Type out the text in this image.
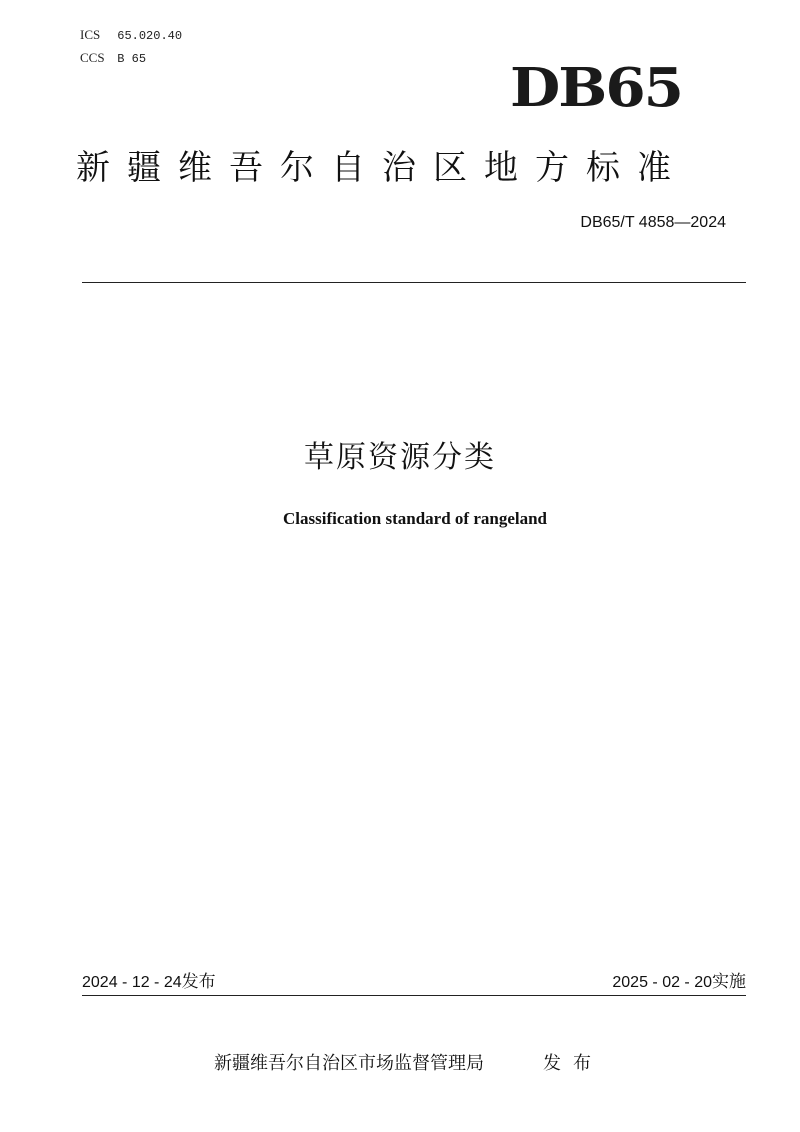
ICS 65.020.40
CCS B 65	DB65
新疆维吾尔自治区地方标准
DB65/T 4858—2024
草原资源分类
Classification standard of rangeland
2024 - 12 - 24发布	2025 - 02 - 20实施
新疆维吾尔自治区市场监督管理局	发布
